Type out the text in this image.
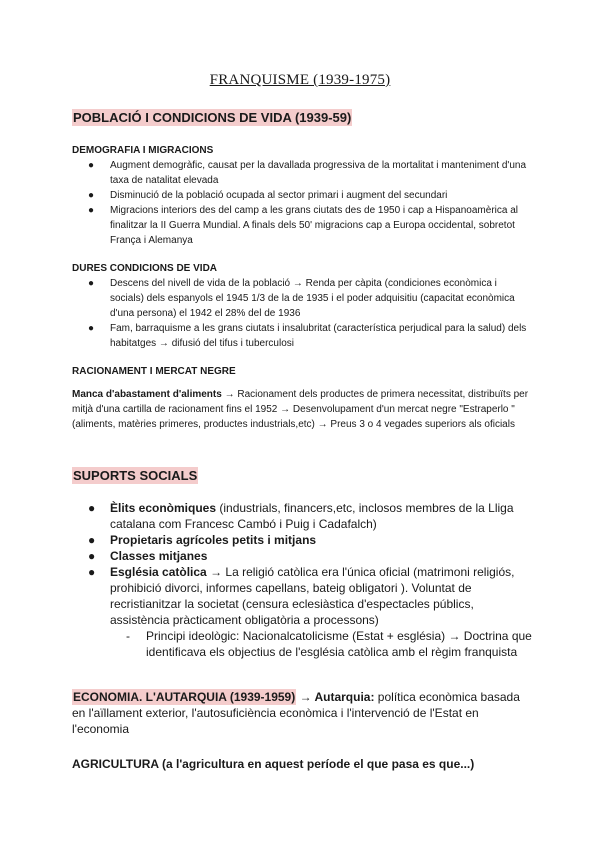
FRANQUISME (1939-1975)
POBLACIÓ I CONDICIONS DE VIDA (1939-59)
DEMOGRAFIA I MIGRACIONS
● Augment demogràfic, causat per la davallada progressiva de la mortalitat i manteniment d'una taxa de natalitat elevada
● Disminució de la població ocupada al sector primari i augment del secundari
● Migracions interiors des del camp a les grans ciutats des de 1950 i cap a Hispanoamèrica al finalitzar la II Guerra Mundial. A finals dels 50' migracions cap a Europa occidental, sobretot França i Alemanya
DURES CONDICIONS DE VIDA
● Descens del nivell de vida de la població → Renda per càpita (condiciones econòmica i socials) dels espanyols el 1945 1/3 de la de 1935 i el poder adquisitiu (capacitat econòmica d'una persona) el 1942 el 28% del de 1936
● Fam, barraquisme a les grans ciutats i insalubritat (característica perjudical para la salud) dels habitatges → difusió del tifus i tuberculosi
RACIONAMENT I MERCAT NEGRE
Manca d'abastament d'aliments → Racionament dels productes de primera necessitat, distribuïts per mitjà d'una cartilla de racionament fins el 1952 → Desenvolupament d'un mercat negre "Estraperlo " (aliments, matèries primeres, productes industrials,etc) → Preus 3 o 4 vegades superiors als oficials
SUPORTS SOCIALS
● Èlits econòmiques (industrials, financers,etc, inclosos membres de la Lliga catalana com Francesc Cambó i Puig i Cadafalch)
● Propietaris agrícoles petits i mitjans
● Classes mitjanes
● Església catòlica → La religió catòlica era l'única oficial (matrimoni religiós, prohibició divorci, informes capellans, bateig obligatori ). Voluntat de recristianitzar la societat (censura eclesiàstica d'espectacles públics, assistència pràcticament obligatòria a processons)
- Principi ideològic: Nacionalcatolicisme (Estat + església) → Doctrina que identificava els objectius de l'església catòlica amb el règim franquista
ECONOMIA. L'AUTARQUIA (1939-1959) → Autarquia: política econòmica basada en l'aïllament exterior, l'autosuficiència econòmica i l'intervenció de l'Estat en l'economia
AGRICULTURA (a l'agricultura en aquest període el que pasa es que...)
